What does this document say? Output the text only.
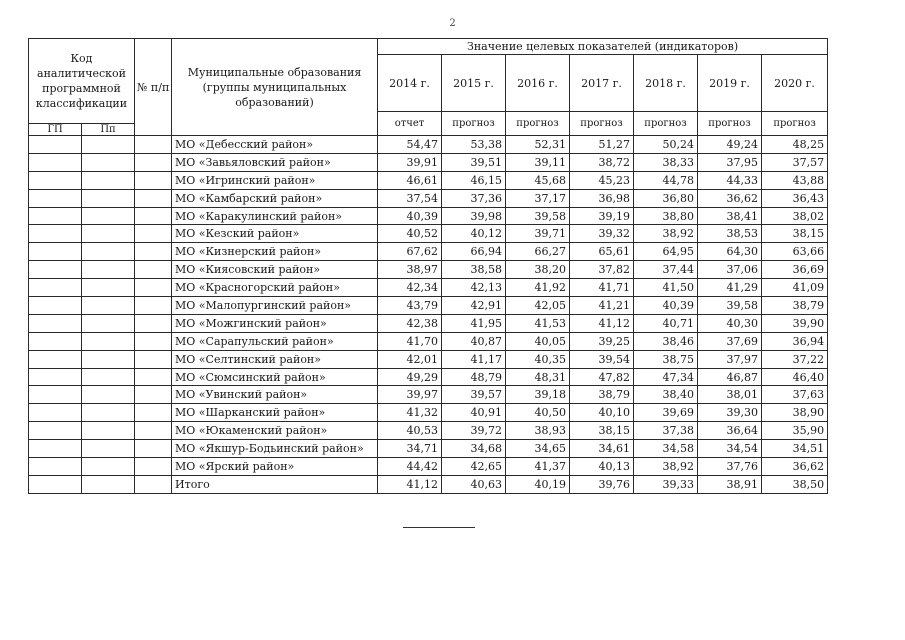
2
Код аналитической программной классификации		№ п/п	Муниципальные образования (группы муниципальных образований)	Значение целевых показателей (индикаторов)						
				2014 г.	2015 г.	2016 г.	2017 г.	2018 г.	2019 г.	2020 г.
				отчет	прогноз	прогноз	прогноз	прогноз	прогноз	прогноз
ГП	Пп									
			МО «Дебесский район»	54,47	53,38	52,31	51,27	50,24	49,24	48,25
			МО «Завьяловский район»	39,91	39,51	39,11	38,72	38,33	37,95	37,57
			МО «Игринский район»	46,61	46,15	45,68	45,23	44,78	44,33	43,88
			МО «Камбарский район»	37,54	37,36	37,17	36,98	36,80	36,62	36,43
			МО «Каракулинский район»	40,39	39,98	39,58	39,19	38,80	38,41	38,02
			МО «Кезский район»	40,52	40,12	39,71	39,32	38,92	38,53	38,15
			МО «Кизнерский район»	67,62	66,94	66,27	65,61	64,95	64,30	63,66
			МО «Киясовский район»	38,97	38,58	38,20	37,82	37,44	37,06	36,69
			МО «Красногорский район»	42,34	42,13	41,92	41,71	41,50	41,29	41,09
			МО «Малопургинский район»	43,79	42,91	42,05	41,21	40,39	39,58	38,79
			МО «Можгинский район»	42,38	41,95	41,53	41,12	40,71	40,30	39,90
			МО «Сарапульский район»	41,70	40,87	40,05	39,25	38,46	37,69	36,94
			МО «Селтинский район»	42,01	41,17	40,35	39,54	38,75	37,97	37,22
			МО «Сюмсинский район»	49,29	48,79	48,31	47,82	47,34	46,87	46,40
			МО «Увинский район»	39,97	39,57	39,18	38,79	38,40	38,01	37,63
			МО «Шарканский район»	41,32	40,91	40,50	40,10	39,69	39,30	38,90
			МО «Юкаменский район»	40,53	39,72	38,93	38,15	37,38	36,64	35,90
			МО «Якшур-Бодьинский район»	34,71	34,68	34,65	34,61	34,58	34,54	34,51
			МО «Ярский район»	44,42	42,65	41,37	40,13	38,92	37,76	36,62
			Итого	41,12	40,63	40,19	39,76	39,33	38,91	38,50
